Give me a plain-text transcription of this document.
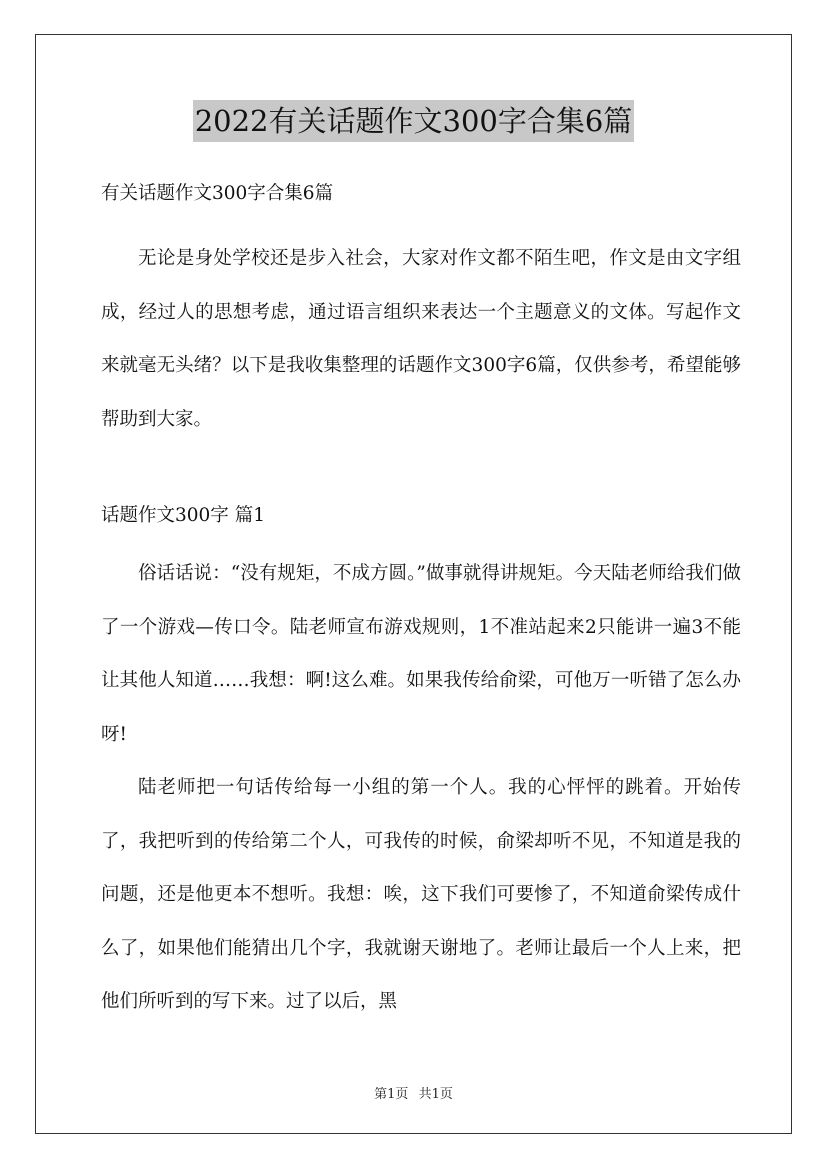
2022有关话题作文300字合集6篇

有关话题作文300字合集6篇

无论是身处学校还是步入社会，大家对作文都不陌生吧，作文是由文字组成，经过人的思想考虑，通过语言组织来表达一个主题意义的文体。写起作文来就毫无头绪？以下是我收集整理的话题作文300字6篇，仅供参考，希望能够帮助到大家。

话题作文300字 篇1

俗话话说：“没有规矩，不成方圆。”做事就得讲规矩。今天陆老师给我们做了一个游戏—传口令。陆老师宣布游戏规则，1不准站起来2只能讲一遍3不能让其他人知道……我想：啊!这么难。如果我传给俞梁，可他万一听错了怎么办呀!

陆老师把一句话传给每一小组的第一个人。我的心怦怦的跳着。开始传了，我把听到的传给第二个人，可我传的时候，俞梁却听不见，不知道是我的问题，还是他更本不想听。我想：唉，这下我们可要惨了，不知道俞梁传成什么了，如果他们能猜出几个字，我就谢天谢地了。老师让最后一个人上来，把他们所听到的写下来。过了以后，黑

第1页 共1页
